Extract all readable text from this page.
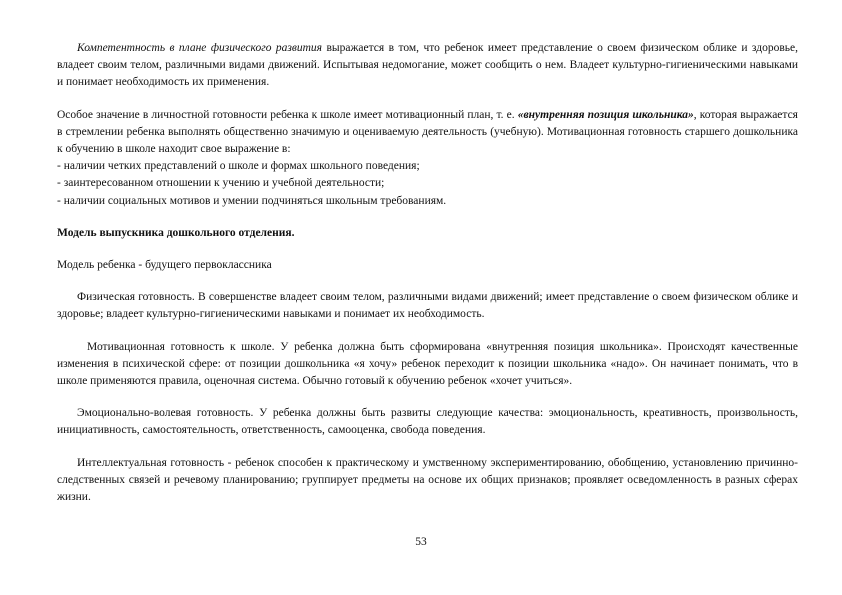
Компетентность в плане физического развития выражается в том, что ребенок имеет представление о своем физическом облике и здоровье, владеет своим телом, различными видами движений. Испытывая недомогание, может сообщить о нем. Владеет культурно-гигиеническими навыками и понимает необходимость их применения.

Особое значение в личностной готовности ребенка к школе имеет мотивационный план, т. е. «внутренняя позиция школьника», которая выражается в стремлении ребенка выполнять общественно значимую и оцениваемую деятельность (учебную). Мотивационная готовность старшего дошкольника к обучению в школе находит свое выражение в:

- наличии четких представлений о школе и формах школьного поведения;
- заинтересованном отношении к учению и учебной деятельности;
- наличии социальных мотивов и умении подчиняться школьным требованиям.

Модель выпускника дошкольного отделения.

Модель ребенка - будущего первоклассника

Физическая готовность. В совершенстве владеет своим телом, различными видами движений; имеет представление о своем физическом облике и здоровье; владеет культурно-гигиеническими навыками и понимает их необходимость.

Мотивационная готовность к школе. У ребенка должна быть сформирована «внутренняя позиция школьника». Происходят качественные изменения в психической сфере: от позиции дошкольника «я хочу» ребенок переходит к позиции школьника «надо». Он начинает понимать, что в школе применяются правила, оценочная система. Обычно готовый к обучению ребенок «хочет учиться».

Эмоционально-волевая готовность. У ребенка должны быть развиты следующие качества: эмоциональность, креативность, произвольность, инициативность, самостоятельность, ответственность, самооценка, свобода поведения.

Интеллектуальная готовность - ребенок способен к практическому и умственному экспериментированию, обобщению, установлению причинно-следственных связей и речевому планированию; группирует предметы на основе их общих признаков; проявляет осведомленность в разных сферах жизни.

53
